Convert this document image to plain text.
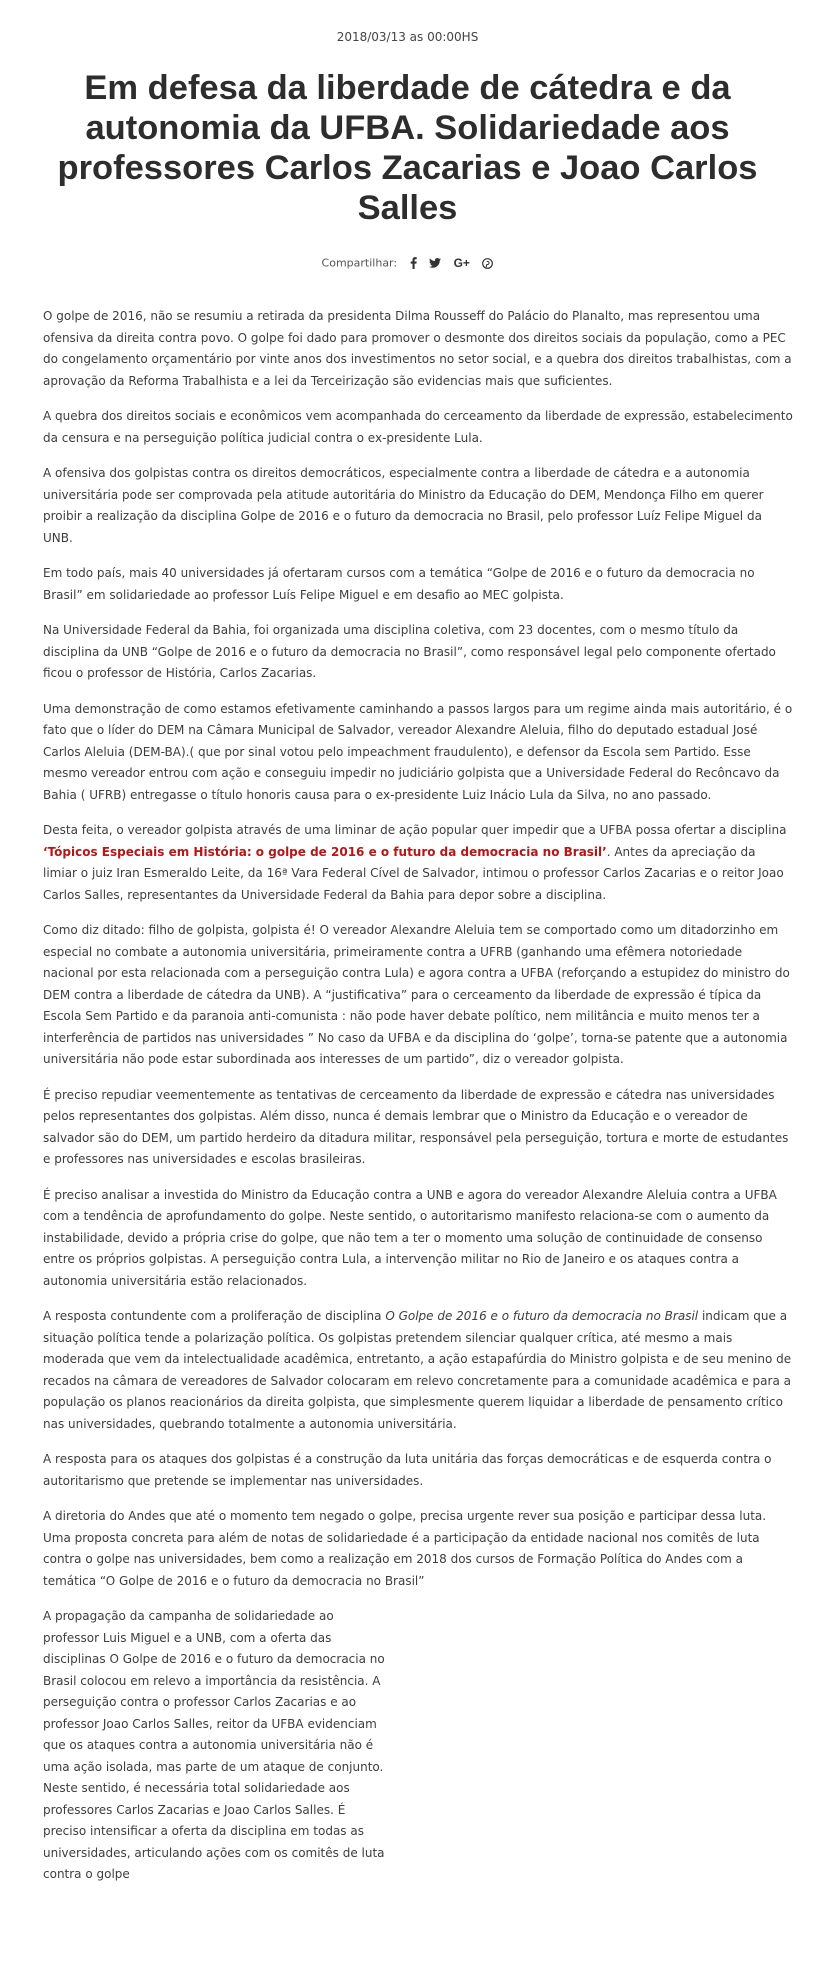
2018/03/13 as 00:00HS
Em defesa da liberdade de cátedra e da autonomia da UFBA. Solidariedade aos professores Carlos Zacarias e Joao Carlos Salles
Compartilhar:
	G+

O golpe de 2016, não se resumiu a retirada da presidenta Dilma Rousseff do Palácio do Planalto, mas representou uma ofensiva da direita contra povo. O golpe foi dado para promover o desmonte dos direitos sociais da população, como a PEC do congelamento orçamentário por vinte anos dos investimentos no setor social, e a quebra dos direitos trabalhistas, com a aprovação da Reforma Trabalhista e a lei da Terceirização são evidencias mais que suficientes.

A quebra dos direitos sociais e econômicos vem acompanhada do cerceamento da liberdade de expressão, estabelecimento da censura e na perseguição política judicial contra o ex-presidente Lula.

A ofensiva dos golpistas contra os direitos democráticos, especialmente contra a liberdade de cátedra e a autonomia universitária pode ser comprovada pela atitude autoritária do Ministro da Educação do DEM, Mendonça Filho em querer proibir a realização da disciplina Golpe de 2016 e o futuro da democracia no Brasil, pelo professor Luíz Felipe Miguel da UNB.

Em todo país, mais 40 universidades já ofertaram cursos com a temática “Golpe de 2016 e o futuro da democracia no Brasil” em solidariedade ao professor Luís Felipe Miguel e em desafio ao MEC golpista.

Na Universidade Federal da Bahia, foi organizada uma disciplina coletiva, com 23 docentes, com o mesmo título da disciplina da UNB “Golpe de 2016 e o futuro da democracia no Brasil”, como responsável legal pelo componente ofertado ficou o professor de História, Carlos Zacarias.

Uma demonstração de como estamos efetivamente caminhando a passos largos para um regime ainda mais autoritário, é o fato que o líder do DEM na Câmara Municipal de Salvador, vereador Alexandre Aleluia, filho do deputado estadual José Carlos Aleluia (DEM-BA).( que por sinal votou pelo impeachment fraudulento), e defensor da Escola sem Partido. Esse mesmo vereador entrou com ação e conseguiu impedir no judiciário golpista que a Universidade Federal do Recôncavo da Bahia ( UFRB) entregasse o título honoris causa para o ex-presidente Luiz Inácio Lula da Silva, no ano passado.

Desta feita, o vereador golpista através de uma liminar de ação popular quer impedir que a UFBA possa ofertar a disciplina ‘Tópicos Especiais em História: o golpe de 2016 e o futuro da democracia no Brasil’. Antes da apreciação da limiar o juiz Iran Esmeraldo Leite, da 16ª Vara Federal Cível de Salvador, intimou o professor Carlos Zacarias e o reitor Joao Carlos Salles, representantes da Universidade Federal da Bahia para depor sobre a disciplina.

Como diz ditado: filho de golpista, golpista é! O vereador Alexandre Aleluia tem se comportado como um ditadorzinho em especial no combate a autonomia universitária, primeiramente contra a UFRB (ganhando uma efêmera notoriedade nacional por esta relacionada com a perseguição contra Lula) e agora contra a UFBA (reforçando a estupidez do ministro do DEM contra a liberdade de cátedra da UNB). A “justificativa” para o cerceamento da liberdade de expressão é típica da Escola Sem Partido e da paranoia anti-comunista : não pode haver debate político, nem militância e muito menos ter a interferência de partidos nas universidades ” No caso da UFBA e da disciplina do ‘golpe’, torna-se patente que a autonomia universitária não pode estar subordinada aos interesses de um partido”, diz o vereador golpista.

É preciso repudiar veementemente as tentativas de cerceamento da liberdade de expressão e cátedra nas universidades pelos representantes dos golpistas. Além disso, nunca é demais lembrar que o Ministro da Educação e o vereador de salvador são do DEM, um partido herdeiro da ditadura militar, responsável pela perseguição, tortura e morte de estudantes e professores nas universidades e escolas brasileiras.

É preciso analisar a investida do Ministro da Educação contra a UNB e agora do vereador Alexandre Aleluia contra a UFBA com a tendência de aprofundamento do golpe. Neste sentido, o autoritarismo manifesto relaciona-se com o aumento da instabilidade, devido a própria crise do golpe, que não tem a ter o momento uma solução de continuidade de consenso entre os próprios golpistas. A perseguição contra Lula, a intervenção militar no Rio de Janeiro e os ataques contra a autonomia universitária estão relacionados.

A resposta contundente com a proliferação de disciplina O Golpe de 2016 e o futuro da democracia no Brasil indicam que a situação política tende a polarização política. Os golpistas pretendem silenciar qualquer crítica, até mesmo a mais moderada que vem da intelectualidade acadêmica, entretanto, a ação estapafúrdia do Ministro golpista e de seu menino de recados na câmara de vereadores de Salvador colocaram em relevo concretamente para a comunidade acadêmica e para a população os planos reacionários da direita golpista, que simplesmente querem liquidar a liberdade de pensamento crítico nas universidades, quebrando totalmente a autonomia universitária.

A resposta para os ataques dos golpistas é a construção da luta unitária das forças democráticas e de esquerda contra o autoritarismo que pretende se implementar nas universidades.

A diretoria do Andes que até o momento tem negado o golpe, precisa urgente rever sua posição e participar dessa luta. Uma proposta concreta para além de notas de solidariedade é a participação da entidade nacional nos comitês de luta contra o golpe nas universidades, bem como a realização em 2018 dos cursos de Formação Política do Andes com a temática “O Golpe de 2016 e o futuro da democracia no Brasil”

A propagação da campanha de solidariedade ao professor Luis Miguel e a UNB, com a oferta das disciplinas O Golpe de 2016 e o futuro da democracia no Brasil colocou em relevo a importância da resistência. A perseguição contra o professor Carlos Zacarias e ao professor Joao Carlos Salles, reitor da UFBA evidenciam que os ataques contra a autonomia universitária não é uma ação isolada, mas parte de um ataque de conjunto. Neste sentido, é necessária total solidariedade aos professores Carlos Zacarias e Joao Carlos Salles. É preciso intensificar a oferta da disciplina em todas as universidades, articulando ações com os comitês de luta contra o golpe
